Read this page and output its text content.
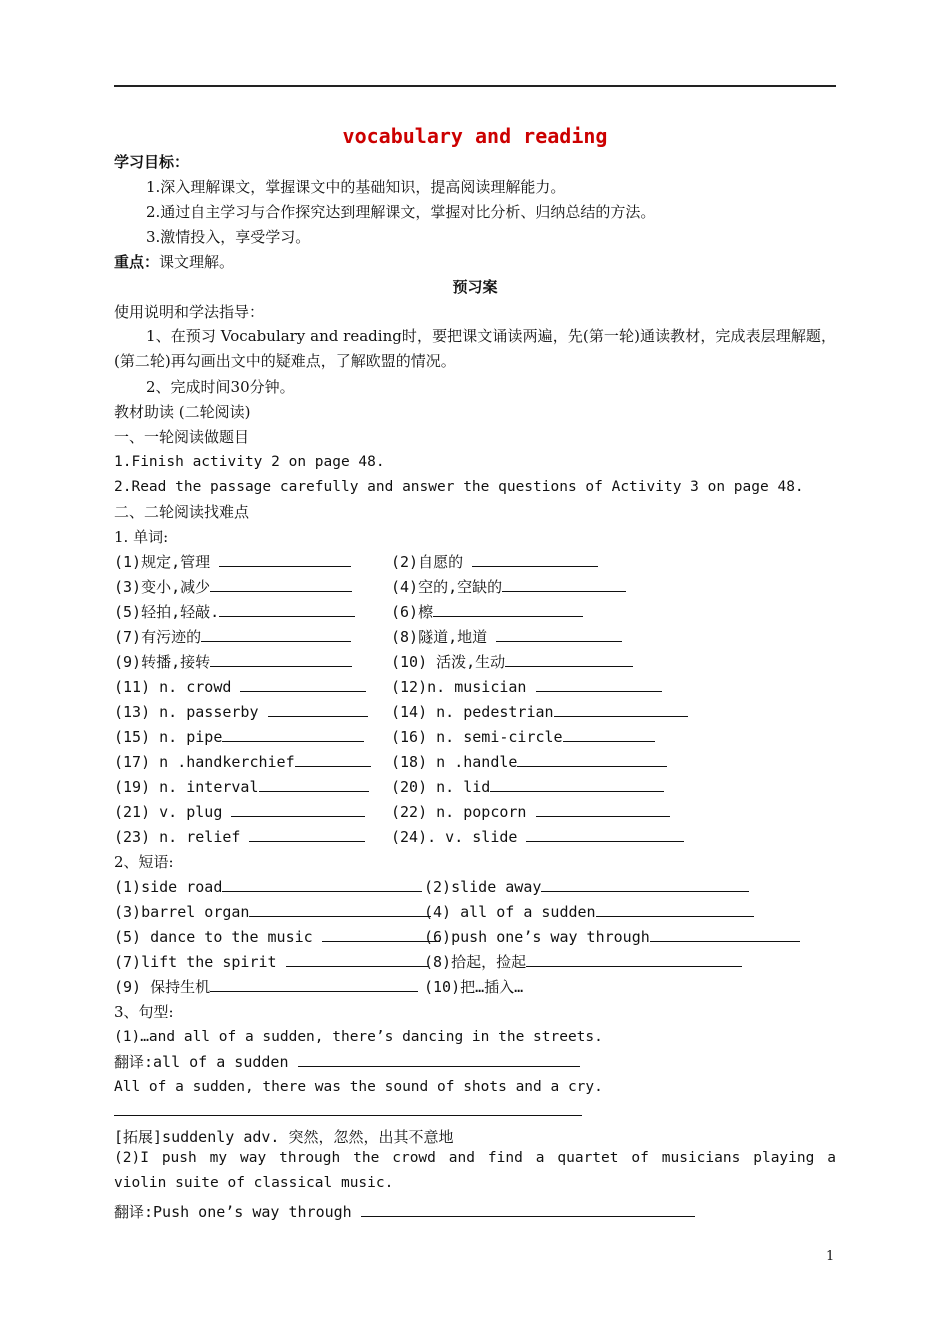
vocabulary and reading
学习目标：
1.深入理解课文，掌握课文中的基础知识，提高阅读理解能力。
2.通过自主学习与合作探究达到理解课文，掌握对比分析、归纳总结的方法。
3.激情投入，享受学习。
重点：课文理解。
预习案
使用说明和学法指导：
1、在预习 Vocabulary and reading时，要把课文诵读两遍，先(第一轮)通读教材，完成表层理解题，(第二轮)再勾画出文中的疑难点，了解欧盟的情况。
2、完成时间30分钟。
教材助读 (二轮阅读)
一、一轮阅读做题目
1.Finish activity 2 on page 48.
2.Read the passage carefully and answer the questions of Activity 3 on page 48.
二、二轮阅读找难点
1. 单词:
(1)规定,管理	(2)自愿的
(3)变小,减少	(4)空的,空缺的
(5)轻拍,轻敲.	(6)檫
(7)有污迹的	(8)隧道,地道
(9)转播,接转	(10) 活泼,生动
(11) n. crowd	(12)n. musician
(13) n. passerby	(14) n. pedestrian
(15) n. pipe	(16) n. semi-circle
(17) n .handkerchief	(18) n .handle
(19) n. interval	(20) n. lid
(21) v. plug	(22) n. popcorn
(23) n. relief	(24). v. slide
2、短语:
(1)side road	(2)slide away
(3)barrel organ	(4) all of a sudden
(5) dance to the music	(6)push one’s way through
(7)lift the spirit	(8)拾起，捡起
(9) 保持生机	(10)把…插入…
3、句型:
(1)…and all of a sudden, there’s dancing in the streets.
翻译:all of a sudden
All of a sudden, there was the sound of shots and a cry.
[拓展]suddenly adv. 突然，忽然，出其不意地
(2)I push my way through the crowd and find a quartet of musicians playing a violin suite of classical music.
翻译:Push one’s way through
1
